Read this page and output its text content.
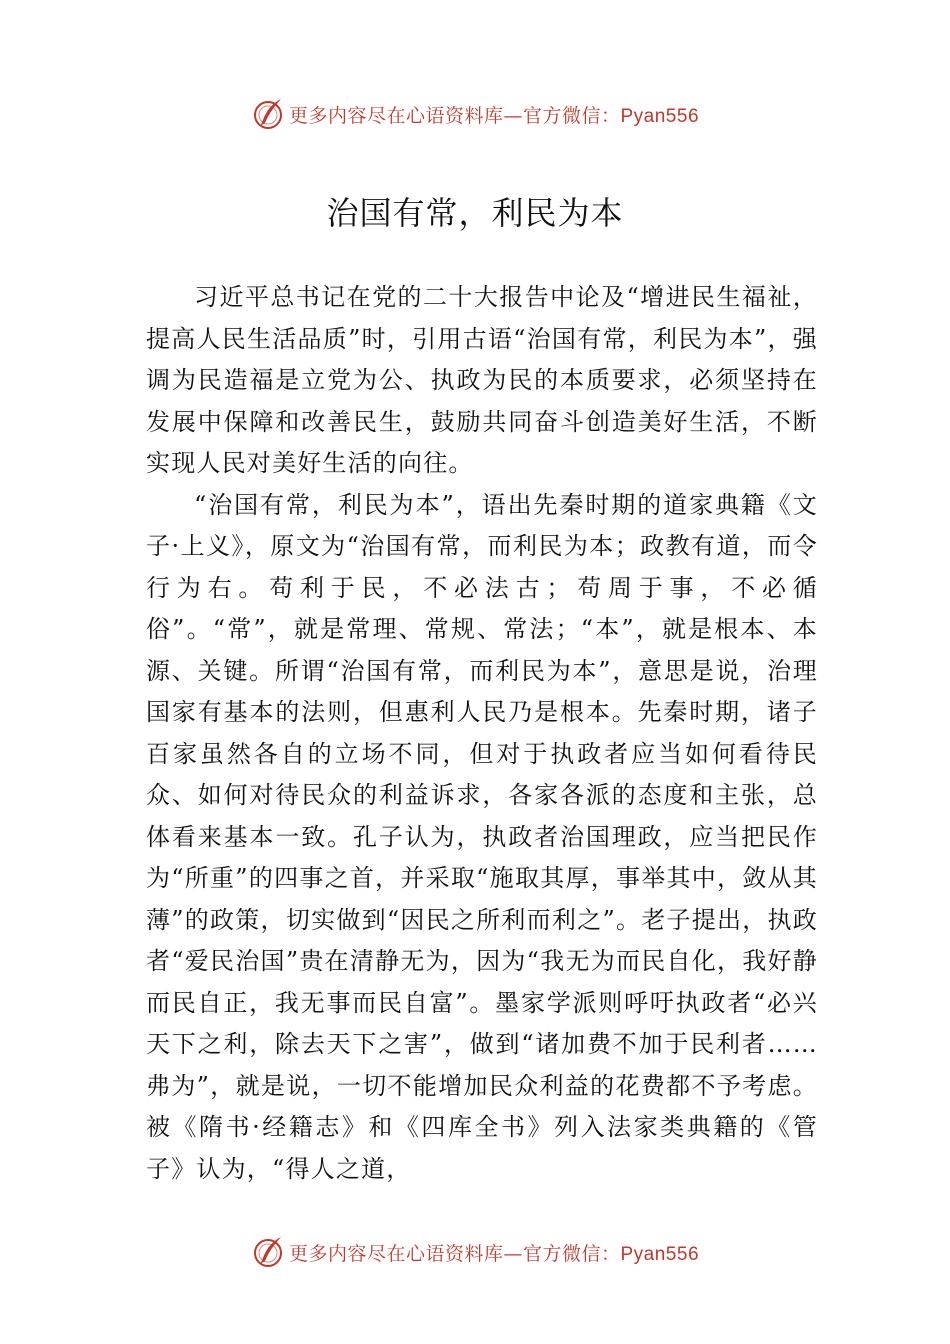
更多内容尽在心语资料库—官方微信：Pyan556
治国有常，利民为本

习近平总书记在党的二十大报告中论及“增进民生福祉，提高人民生活品质”时，引用古语“治国有常，利民为本”，强调为民造福是立党为公、执政为民的本质要求，必须坚持在发展中保障和改善民生，鼓励共同奋斗创造美好生活，不断实现人民对美好生活的向往。

“治国有常，利民为本”，语出先秦时期的道家典籍《文子·上义》，原文为“治国有常，而利民为本；政教有道，而令行为右。苟利于民，不必法古；苟周于事，不必循俗”。“常”，就是常理、常规、常法；“本”，就是根本、本源、关键。所谓“治国有常，而利民为本”，意思是说，治理国家有基本的法则，但惠利人民乃是根本。先秦时期，诸子百家虽然各自的立场不同，但对于执政者应当如何看待民众、如何对待民众的利益诉求，各家各派的态度和主张，总体看来基本一致。孔子认为，执政者治国理政，应当把民作为“所重”的四事之首，并采取“施取其厚，事举其中，敛从其薄”的政策，切实做到“因民之所利而利之”。老子提出，执政者“爱民治国”贵在清静无为，因为“我无为而民自化，我好静而民自正，我无事而民自富”。墨家学派则呼吁执政者“必兴天下之利，除去天下之害”，做到“诸加费不加于民利者……弗为”，就是说，一切不能增加民众利益的花费都不予考虑。被《隋书·经籍志》和《四库全书》列入法家类典籍的《管子》认为，“得人之道，

更多内容尽在心语资料库—官方微信：Pyan556
